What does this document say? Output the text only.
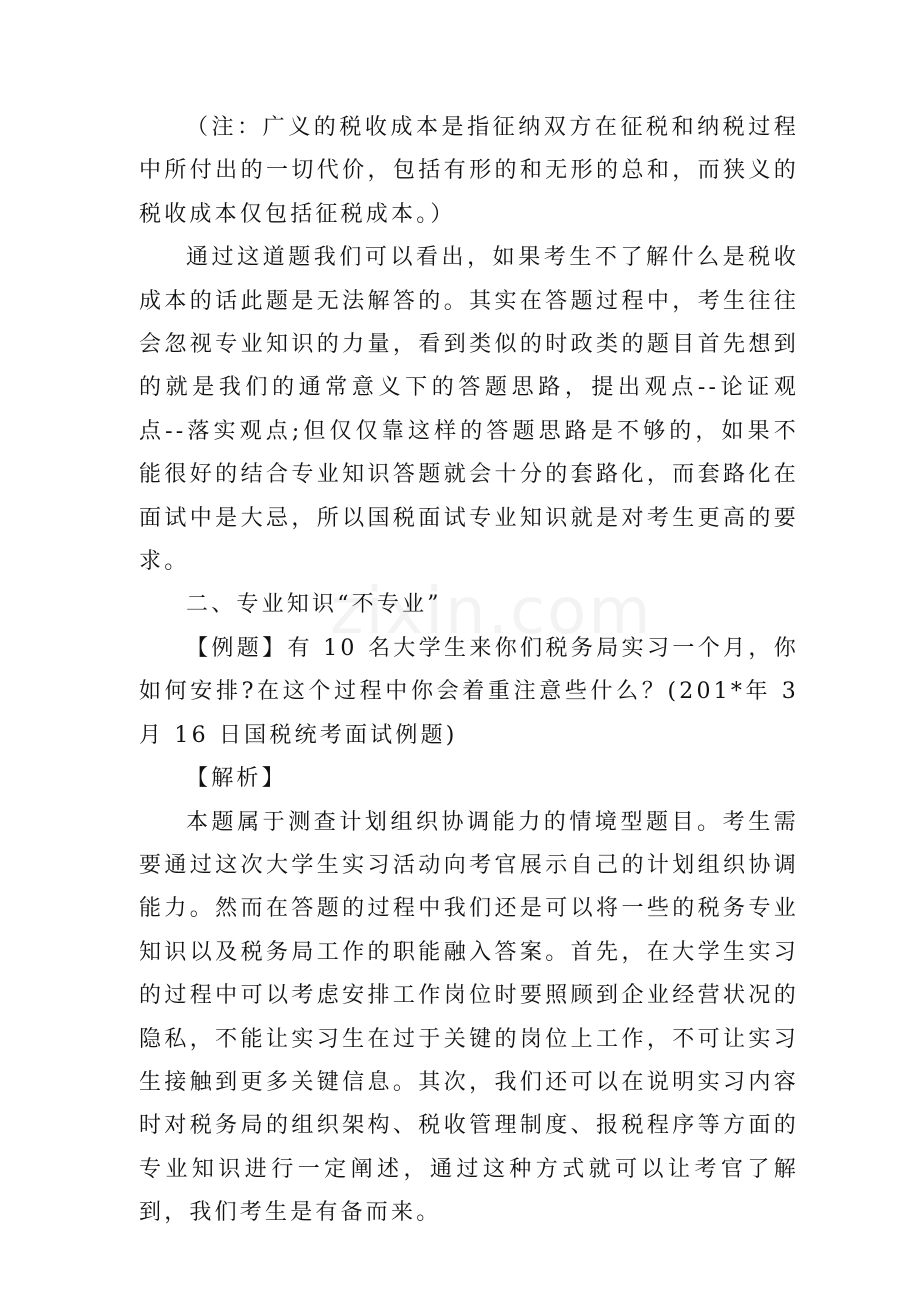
（注：广义的税收成本是指征纳双方在征税和纳税过程中所付出的一切代价，包括有形的和无形的总和，而狭义的税收成本仅包括征税成本。）

通过这道题我们可以看出，如果考生不了解什么是税收成本的话此题是无法解答的。其实在答题过程中，考生往往会忽视专业知识的力量，看到类似的时政类的题目首先想到的就是我们的通常意义下的答题思路，提出观点--论证观点--落实观点;但仅仅靠这样的答题思路是不够的，如果不能很好的结合专业知识答题就会十分的套路化，而套路化在面试中是大忌，所以国税面试专业知识就是对考生更高的要求。

二、专业知识“不专业”

【例题】有 10 名大学生来你们税务局实习一个月，你如何安排?在这个过程中你会着重注意些什么？(201*年 3 月 16 日国税统考面试例题)

【解析】

本题属于测查计划组织协调能力的情境型题目。考生需要通过这次大学生实习活动向考官展示自己的计划组织协调能力。然而在答题的过程中我们还是可以将一些的税务专业知识以及税务局工作的职能融入答案。首先，在大学生实习的过程中可以考虑安排工作岗位时要照顾到企业经营状况的隐私，不能让实习生在过于关键的岗位上工作，不可让实习生接触到更多关键信息。其次，我们还可以在说明实习内容时对税务局的组织架构、税收管理制度、报税程序等方面的专业知识进行一定阐述，通过这种方式就可以让考官了解到，我们考生是有备而来。
